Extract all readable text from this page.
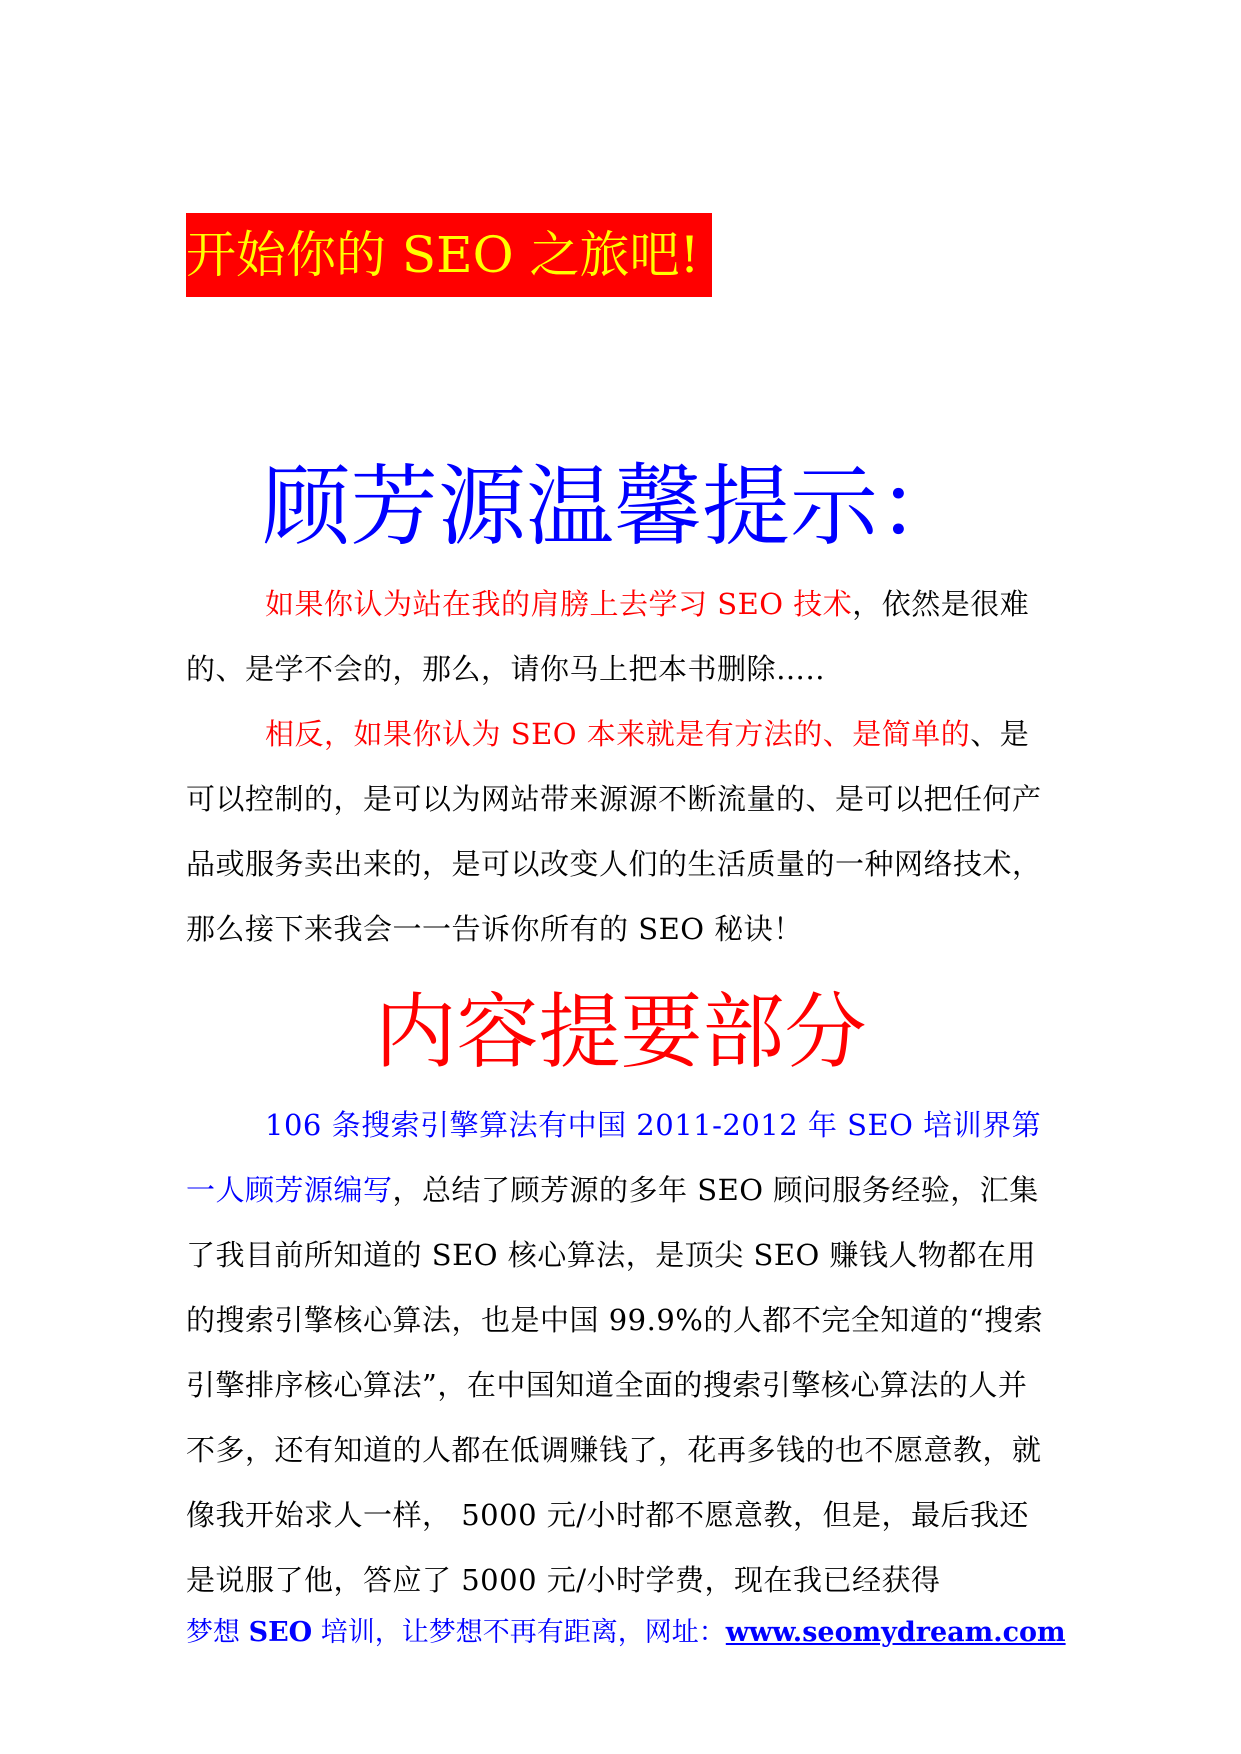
开始你的 SEO 之旅吧!
顾芳源温馨提示：

如果你认为站在我的肩膀上去学习 SEO 技术，依然是很难的、是学不会的，那么，请你马上把本书删除…..

相反，如果你认为 SEO 本来就是有方法的、是简单的、是可以控制的，是可以为网站带来源源不断流量的、是可以把任何产品或服务卖出来的，是可以改变人们的生活质量的一种网络技术，那么接下来我会一一告诉你所有的 SEO 秘诀！

内容提要部分

106 条搜索引擎算法有中国 2011-2012 年 SEO 培训界第一人顾芳源编写，总结了顾芳源的多年 SEO 顾问服务经验，汇集了我目前所知道的 SEO 核心算法，是顶尖 SEO 赚钱人物都在用的搜索引擎核心算法，也是中国 99.9%的人都不完全知道的“搜索引擎排序核心算法”，在中国知道全面的搜索引擎核心算法的人并不多，还有知道的人都在低调赚钱了，花再多钱的也不愿意教，就像我开始求人一样， 5000 元/小时都不愿意教，但是，最后我还是说服了他，答应了 5000 元/小时学费，现在我已经获得

梦想 SEO 培训，让梦想不再有距离，网址：www.seomydream.com
